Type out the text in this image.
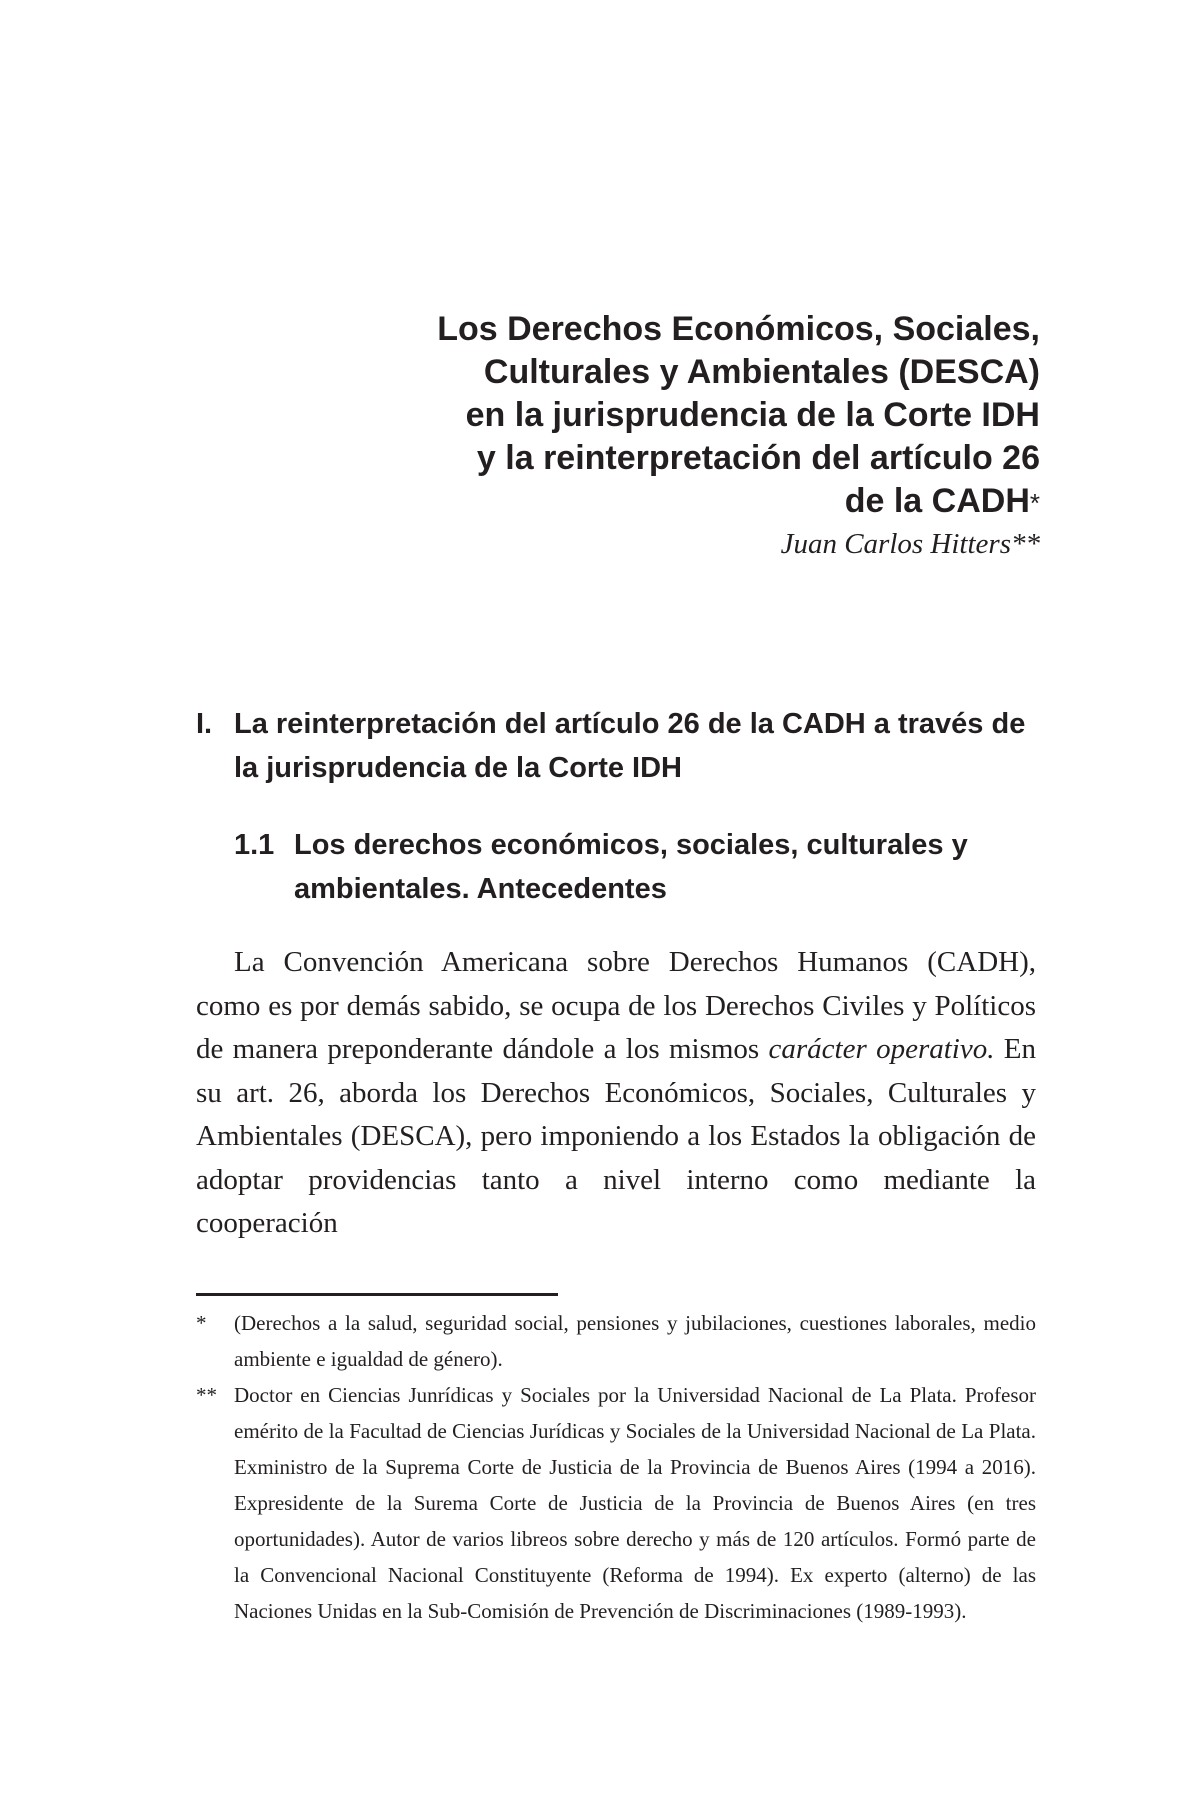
Los Derechos Económicos, Sociales,
Culturales y Ambientales (DESCA)
en la jurisprudencia de la Corte IDH
y la reinterpretación del artículo 26
de la CADH*
Juan Carlos Hitters**
I. La reinterpretación del artículo 26 de la CADH a través de la jurisprudencia de la Corte IDH
1.1 Los derechos económicos, sociales, culturales y ambientales. Antecedentes

La Convención Americana sobre Derechos Humanos (CADH), como es por demás sabido, se ocupa de los Derechos Civiles y Políticos de manera preponderante dándole a los mismos carácter operativo. En su art. 26, aborda los Derechos Económicos, Sociales, Culturales y Ambientales (DESCA), pero imponiendo a los Estados la obligación de adoptar providencias tanto a nivel interno como mediante la cooperación

* (Derechos a la salud, seguridad social, pensiones y jubilaciones, cuestiones laborales, medio ambiente e igualdad de género).
** Doctor en Ciencias Junrídicas y Sociales por la Universidad Nacional de La Plata. Profesor emérito de la Facultad de Ciencias Jurídicas y Sociales de la Universidad Nacional de La Plata. Exministro de la Suprema Corte de Justicia de la Provincia de Buenos Aires (1994 a 2016). Expresidente de la Surema Corte de Justicia de la Provincia de Buenos Aires (en tres oportunidades). Autor de varios libreos sobre derecho y más de 120 artículos. Formó parte de la Convencional Nacional Constituyente (Reforma de 1994). Ex experto (alterno) de las Naciones Unidas en la Sub-Comisión de Prevención de Discriminaciones (1989-1993).
